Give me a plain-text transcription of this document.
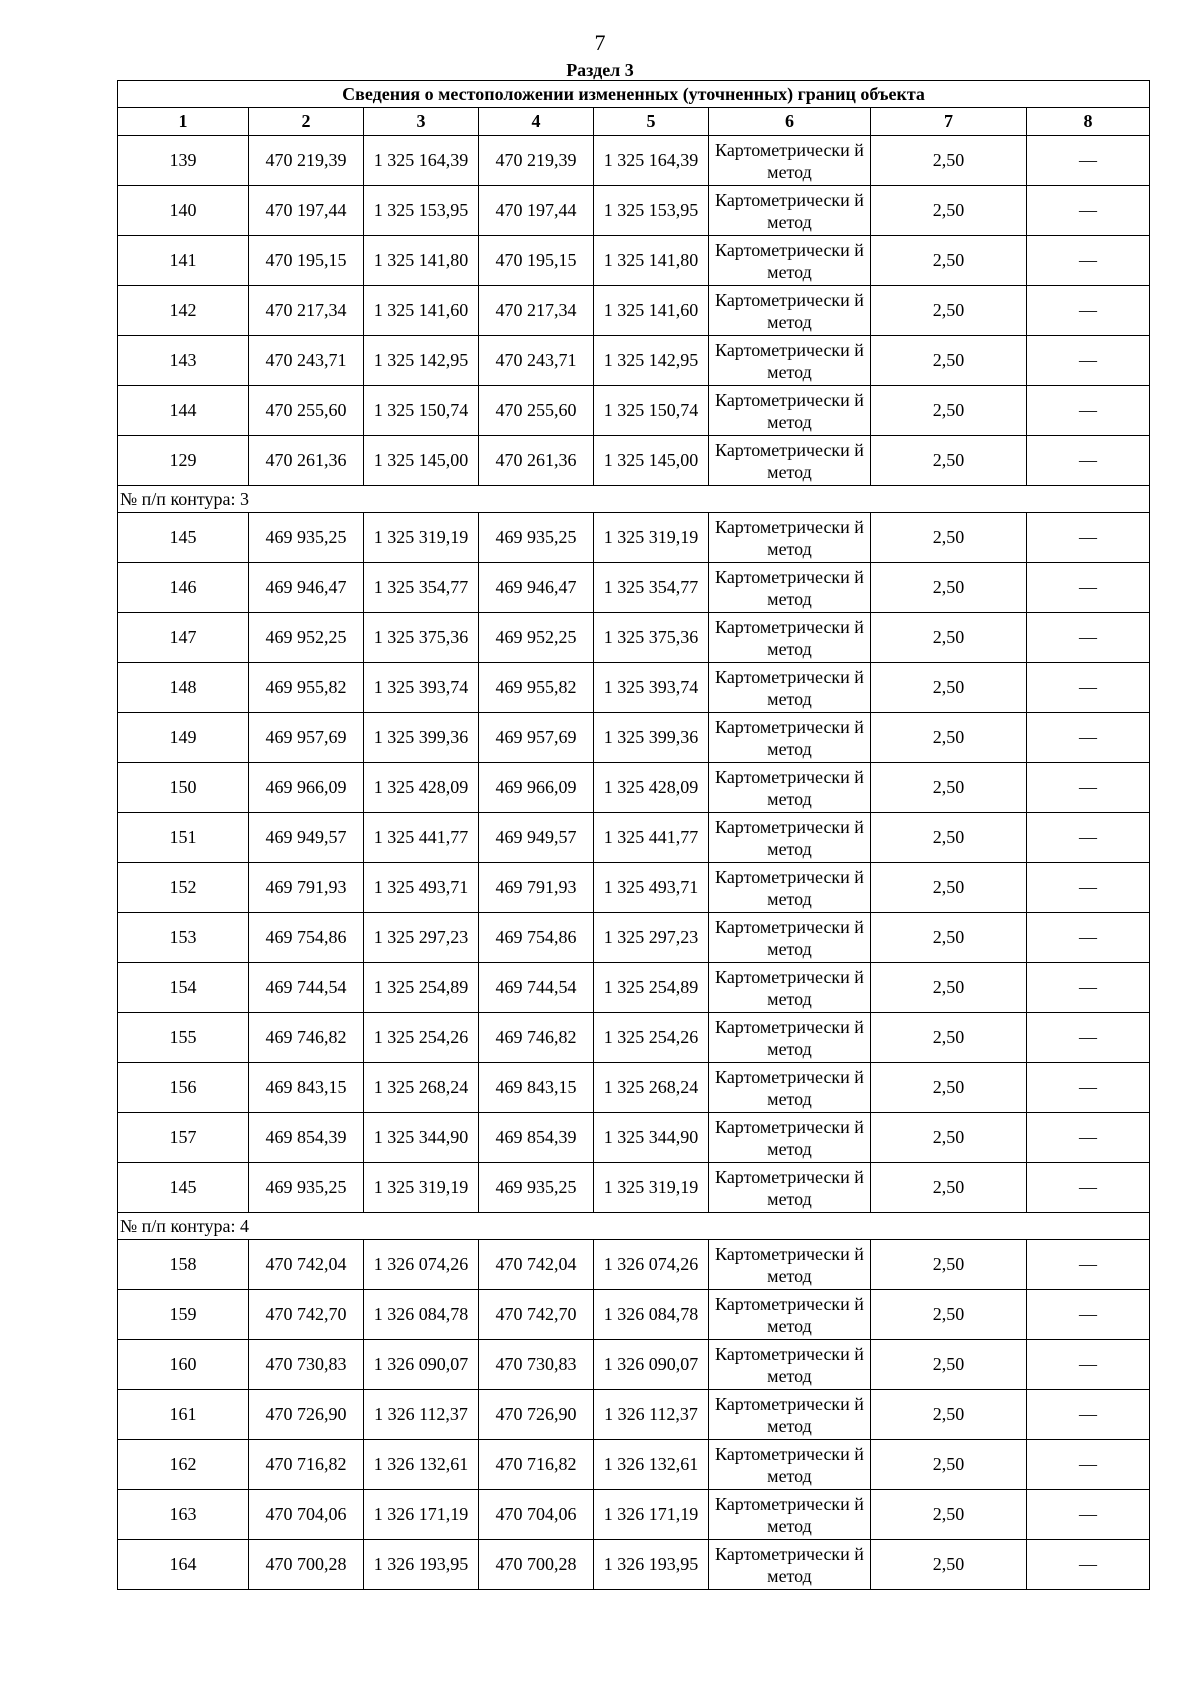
7
Раздел 3
Сведения о местоположении измененных (уточненных) границ объекта							
1	2	3	4	5	6	7	8
139	470 219,39	1 325 164,39	470 219,39	1 325 164,39	Картометрически й метод	2,50	—
140	470 197,44	1 325 153,95	470 197,44	1 325 153,95	Картометрически й метод	2,50	—
141	470 195,15	1 325 141,80	470 195,15	1 325 141,80	Картометрически й метод	2,50	—
142	470 217,34	1 325 141,60	470 217,34	1 325 141,60	Картометрически й метод	2,50	—
143	470 243,71	1 325 142,95	470 243,71	1 325 142,95	Картометрически й метод	2,50	—
144	470 255,60	1 325 150,74	470 255,60	1 325 150,74	Картометрически й метод	2,50	—
129	470 261,36	1 325 145,00	470 261,36	1 325 145,00	Картометрически й метод	2,50	—
№ п/п контура: 3							
145	469 935,25	1 325 319,19	469 935,25	1 325 319,19	Картометрически й метод	2,50	—
146	469 946,47	1 325 354,77	469 946,47	1 325 354,77	Картометрически й метод	2,50	—
147	469 952,25	1 325 375,36	469 952,25	1 325 375,36	Картометрически й метод	2,50	—
148	469 955,82	1 325 393,74	469 955,82	1 325 393,74	Картометрически й метод	2,50	—
149	469 957,69	1 325 399,36	469 957,69	1 325 399,36	Картометрически й метод	2,50	—
150	469 966,09	1 325 428,09	469 966,09	1 325 428,09	Картометрически й метод	2,50	—
151	469 949,57	1 325 441,77	469 949,57	1 325 441,77	Картометрически й метод	2,50	—
152	469 791,93	1 325 493,71	469 791,93	1 325 493,71	Картометрически й метод	2,50	—
153	469 754,86	1 325 297,23	469 754,86	1 325 297,23	Картометрически й метод	2,50	—
154	469 744,54	1 325 254,89	469 744,54	1 325 254,89	Картометрически й метод	2,50	—
155	469 746,82	1 325 254,26	469 746,82	1 325 254,26	Картометрически й метод	2,50	—
156	469 843,15	1 325 268,24	469 843,15	1 325 268,24	Картометрически й метод	2,50	—
157	469 854,39	1 325 344,90	469 854,39	1 325 344,90	Картометрически й метод	2,50	—
145	469 935,25	1 325 319,19	469 935,25	1 325 319,19	Картометрически й метод	2,50	—
№ п/п контура: 4							
158	470 742,04	1 326 074,26	470 742,04	1 326 074,26	Картометрически й метод	2,50	—
159	470 742,70	1 326 084,78	470 742,70	1 326 084,78	Картометрически й метод	2,50	—
160	470 730,83	1 326 090,07	470 730,83	1 326 090,07	Картометрически й метод	2,50	—
161	470 726,90	1 326 112,37	470 726,90	1 326 112,37	Картометрически й метод	2,50	—
162	470 716,82	1 326 132,61	470 716,82	1 326 132,61	Картометрически й метод	2,50	—
163	470 704,06	1 326 171,19	470 704,06	1 326 171,19	Картометрически й метод	2,50	—
164	470 700,28	1 326 193,95	470 700,28	1 326 193,95	Картометрически й метод	2,50	—
